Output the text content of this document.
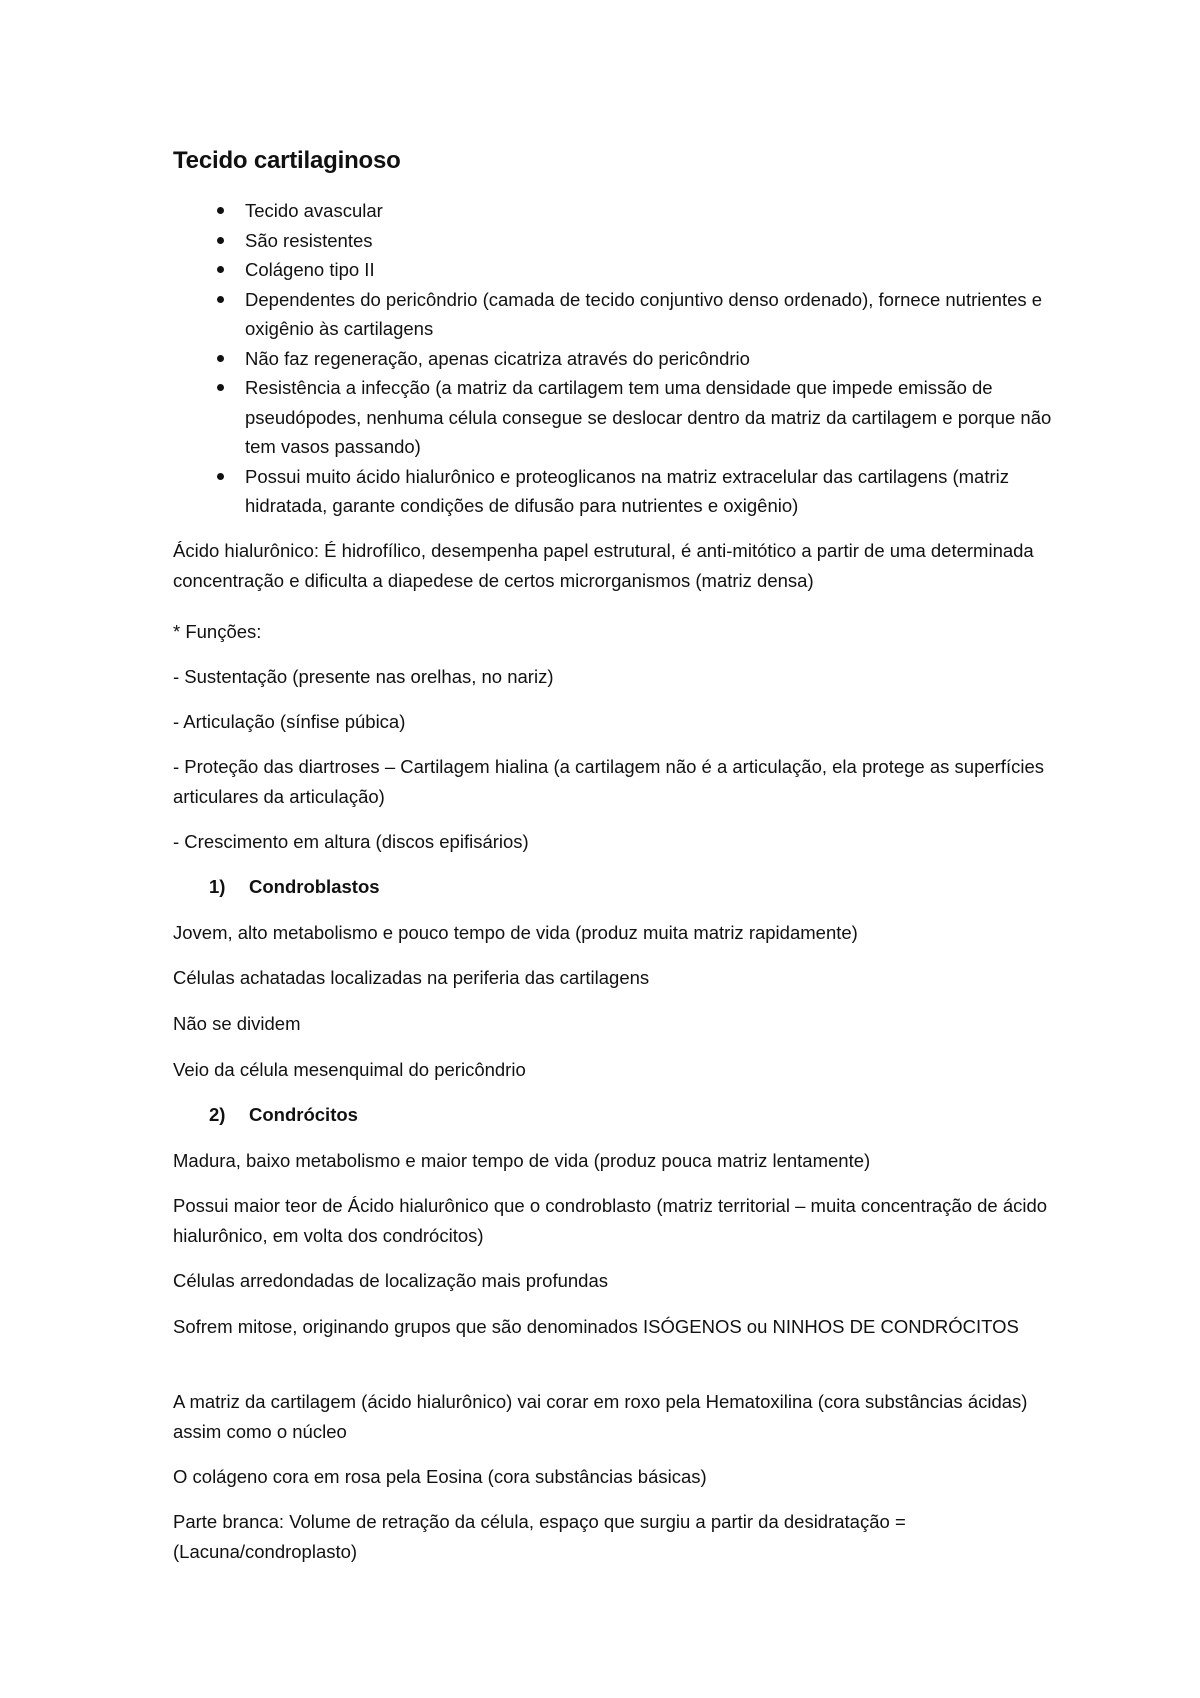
Tecido cartilaginoso
Tecido avascular
São resistentes
Colágeno tipo II
Dependentes do pericôndrio (camada de tecido conjuntivo denso ordenado), fornece nutrientes e oxigênio às cartilagens
Não faz regeneração, apenas cicatriza através do pericôndrio
Resistência a infecção (a matriz da cartilagem tem uma densidade que impede emissão de pseudópodes, nenhuma célula consegue se deslocar dentro da matriz da cartilagem e porque não tem vasos passando)
Possui muito ácido hialurônico e proteoglicanos na matriz extracelular das cartilagens (matriz hidratada, garante condições de difusão para nutrientes e oxigênio)

Ácido hialurônico: É hidrofílico, desempenha papel estrutural, é anti-mitótico a partir de uma determinada concentração e dificulta a diapedese de certos microrganismos (matriz densa)

* Funções:

- Sustentação (presente nas orelhas, no nariz)

- Articulação (sínfise púbica)

- Proteção das diartroses – Cartilagem hialina (a cartilagem não é a articulação, ela protege as superfícies articulares da articulação)

- Crescimento em altura (discos epifisários)

1) Condroblastos

Jovem, alto metabolismo e pouco tempo de vida (produz muita matriz rapidamente)

Células achatadas localizadas na periferia das cartilagens

Não se dividem

Veio da célula mesenquimal do pericôndrio

2) Condrócitos

Madura, baixo metabolismo e maior tempo de vida (produz pouca matriz lentamente)

Possui maior teor de Ácido hialurônico que o condroblasto (matriz territorial – muita concentração de ácido hialurônico, em volta dos condrócitos)

Células arredondadas de localização mais profundas

Sofrem mitose, originando grupos que são denominados ISÓGENOS ou NINHOS DE CONDRÓCITOS

A matriz da cartilagem (ácido hialurônico) vai corar em roxo pela Hematoxilina (cora substâncias ácidas) assim como o núcleo

O colágeno cora em rosa pela Eosina (cora substâncias básicas)

Parte branca: Volume de retração da célula, espaço que surgiu a partir da desidratação = (Lacuna/condroplasto)
